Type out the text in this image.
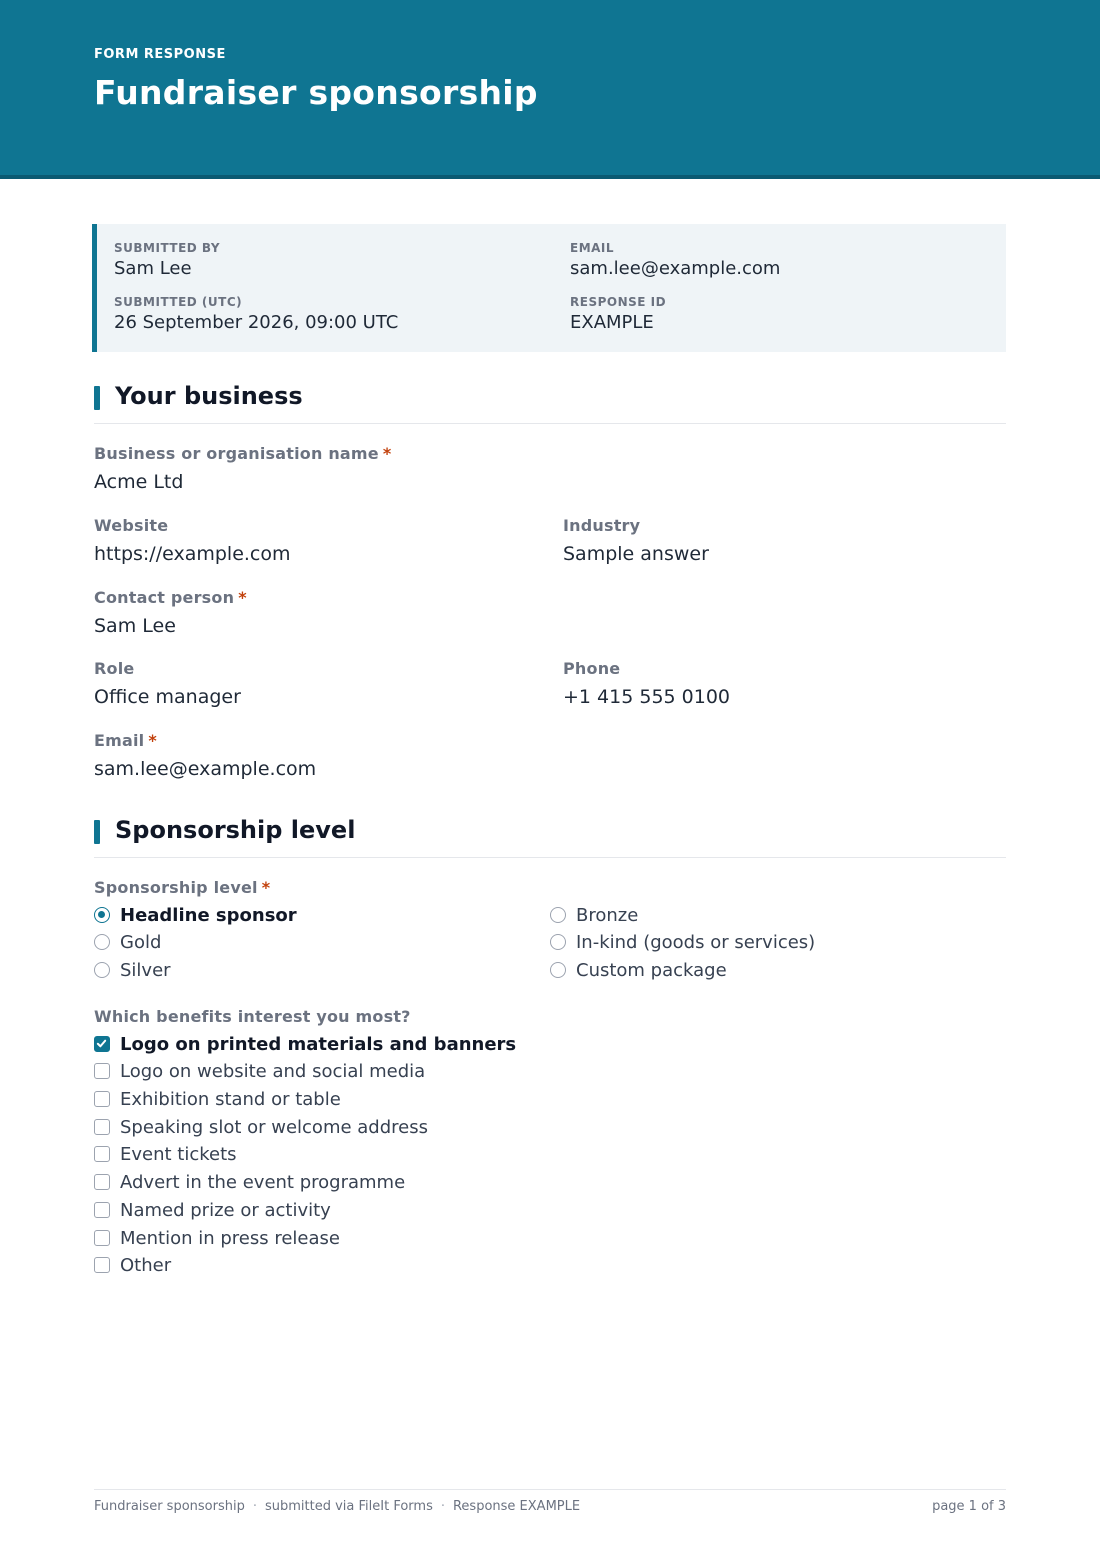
FORM RESPONSE
Fundraiser sponsorship
SUBMITTED BY
Sam Lee
EMAIL
sam.lee@example.com
SUBMITTED (UTC)
26 September 2026, 09:00 UTC
RESPONSE ID
EXAMPLE
Your business
Business or organisation name *
Acme Ltd
Website
https://example.com
Industry
Sample answer
Contact person *
Sam Lee
Role
Office manager
Phone
+1 415 555 0100
Email *
sam.lee@example.com
Sponsorship level
Sponsorship level *
Headline sponsor
Gold
Silver
Bronze
In-kind (goods or services)
Custom package
Which benefits interest you most?
Logo on printed materials and banners
Logo on website and social media
Exhibition stand or table
Speaking slot or welcome address
Event tickets
Advert in the event programme
Named prize or activity
Mention in press release
Other
Fundraiser sponsorship · submitted via FileIt Forms · Response EXAMPLE	page 1 of 3
